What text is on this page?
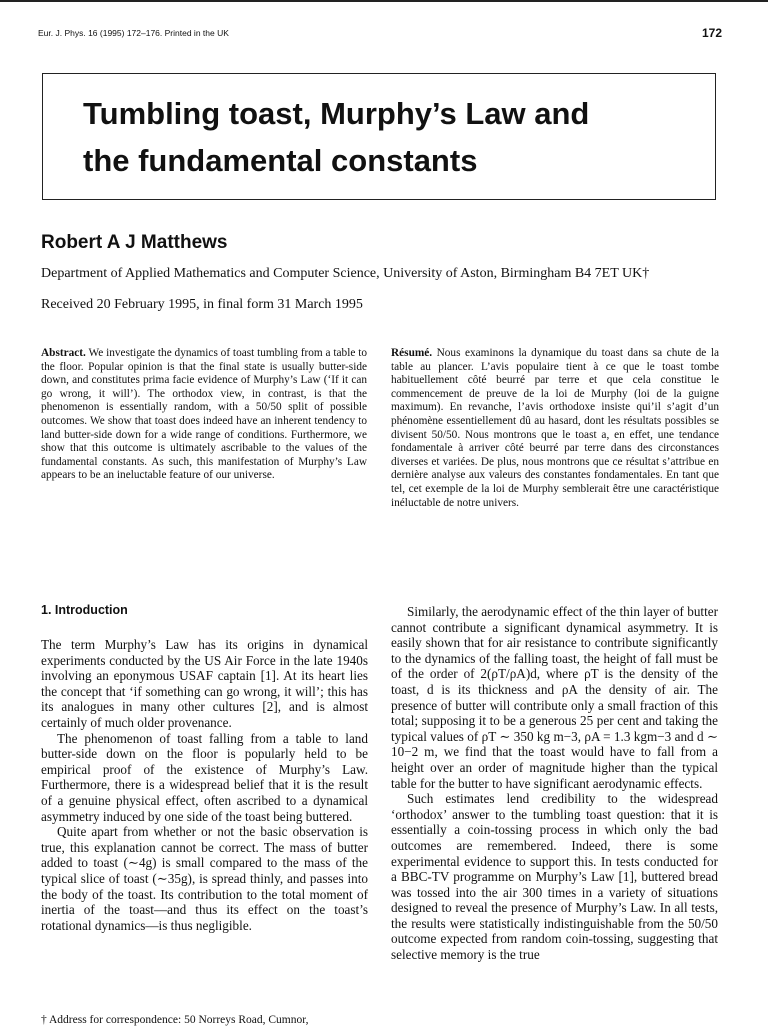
Eur. J. Phys. 16 (1995) 172–176. Printed in the UK	172
Tumbling toast, Murphy’s Law and
the fundamental constants
Robert A J Matthews
Department of Applied Mathematics and Computer Science, University of Aston, Birmingham B4 7ET UK†
Received 20 February 1995, in final form 31 March 1995
Abstract. We investigate the dynamics of toast tumbling from a table to the floor. Popular opinion is that the final state is usually butter-side down, and constitutes prima facie evidence of Murphy’s Law (‘If it can go wrong, it will’). The orthodox view, in contrast, is that the phenomenon is essentially random, with a 50/50 split of possible outcomes. We show that toast does indeed have an inherent tendency to land butter-side down for a wide range of conditions. Furthermore, we show that this outcome is ultimately ascribable to the values of the fundamental constants. As such, this manifestation of Murphy’s Law appears to be an ineluctable feature of our universe.
Résumé. Nous examinons la dynamique du toast dans sa chute de la table au plancer. L’avis populaire tient à ce que le toast tombe habituellement côté beurré par terre et que cela constitue le commencement de preuve de la loi de Murphy (loi de la guigne maximum). En revanche, l’avis orthodoxe insiste qui’il s’agit d’un phénomène essentiellement dû au hasard, dont les résultats possibles se divisent 50/50. Nous montrons que le toast a, en effet, une tendance fondamentale à arriver côté beurré par terre dans des circonstances diverses et variées. De plus, nous montrons que ce résultat s’attribue en dernière analyse aux valeurs des constantes fondamentales. En tant que tel, cet exemple de la loi de Murphy semblerait être une caractéristique inéluctable de notre univers.
1. Introduction

The term Murphy’s Law has its origins in dynamical experiments conducted by the US Air Force in the late 1940s involving an eponymous USAF captain [1]. At its heart lies the concept that ‘if something can go wrong, it will’; this has its analogues in many other cultures [2], and is almost certainly of much older provenance.

The phenomenon of toast falling from a table to land butter-side down on the floor is popularly held to be empirical proof of the existence of Murphy’s Law. Furthermore, there is a widespread belief that it is the result of a genuine physical effect, often ascribed to a dynamical asymmetry induced by one side of the toast being buttered.

Quite apart from whether or not the basic observation is true, this explanation cannot be correct. The mass of butter added to toast (∼4g) is small compared to the mass of the typical slice of toast (∼35g), is spread thinly, and passes into the body of the toast. Its contribution to the total moment of inertia of the toast—and thus its effect on the toast’s rotational dynamics—is thus negligible.

Similarly, the aerodynamic effect of the thin layer of butter cannot contribute a significant dynamical asymmetry. It is easily shown that for air resistance to contribute significantly to the dynamics of the falling toast, the height of fall must be of the order of 2(ρT/ρA)d, where ρT is the density of the toast, d is its thickness and ρA the density of air. The presence of butter will contribute only a small fraction of this total; supposing it to be a generous 25 per cent and taking the typical values of ρT ∼ 350 kg m−3, ρA = 1.3 kgm−3 and d ∼ 10−2 m, we find that the toast would have to fall from a height over an order of magnitude higher than the typical table for the butter to have significant aerodynamic effects.

Such estimates lend credibility to the widespread ‘orthodox’ answer to the tumbling toast question: that it is essentially a coin-tossing process in which only the bad outcomes are remembered. Indeed, there is some experimental evidence to support this. In tests conducted for a BBC-TV programme on Murphy’s Law [1], buttered bread was tossed into the air 300 times in a variety of situations designed to reveal the presence of Murphy’s Law. In all tests, the results were statistically indistinguishable from the 50/50 outcome expected from random coin-tossing, suggesting that selective memory is the true

† Address for correspondence: 50 Norreys Road, Cumnor,
